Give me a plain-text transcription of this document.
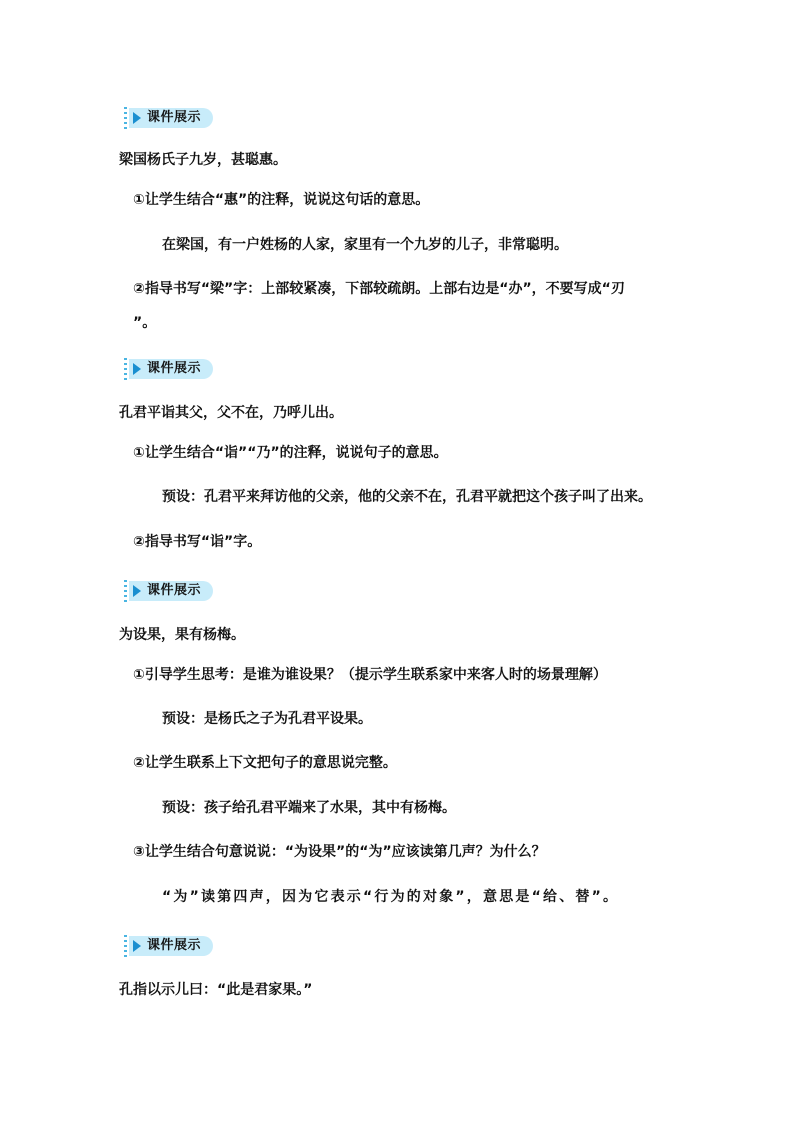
课件展示
梁国杨氏子九岁，甚聪惠。
①让学生结合“惠”的注释，说说这句话的意思。
在梁国，有一户姓杨的人家，家里有一个九岁的儿子，非常聪明。
②指导书写“梁”字：上部较紧凑，下部较疏朗。上部右边是“办”，不要写成“刃
”。
课件展示
孔君平诣其父，父不在，乃呼儿出。
①让学生结合“诣”“乃”的注释，说说句子的意思。
预设：孔君平来拜访他的父亲，他的父亲不在，孔君平就把这个孩子叫了出来。
②指导书写“诣”字。
课件展示
为设果，果有杨梅。
①引导学生思考：是谁为谁设果？（提示学生联系家中来客人时的场景理解）
预设：是杨氏之子为孔君平设果。
②让学生联系上下文把句子的意思说完整。
预设：孩子给孔君平端来了水果，其中有杨梅。
③让学生结合句意说说：“为设果”的“为”应该读第几声？为什么？
“为”读第四声，因为它表示“行为的对象”，意思是“给、替”。
课件展示
孔指以示儿曰：“此是君家果。”
